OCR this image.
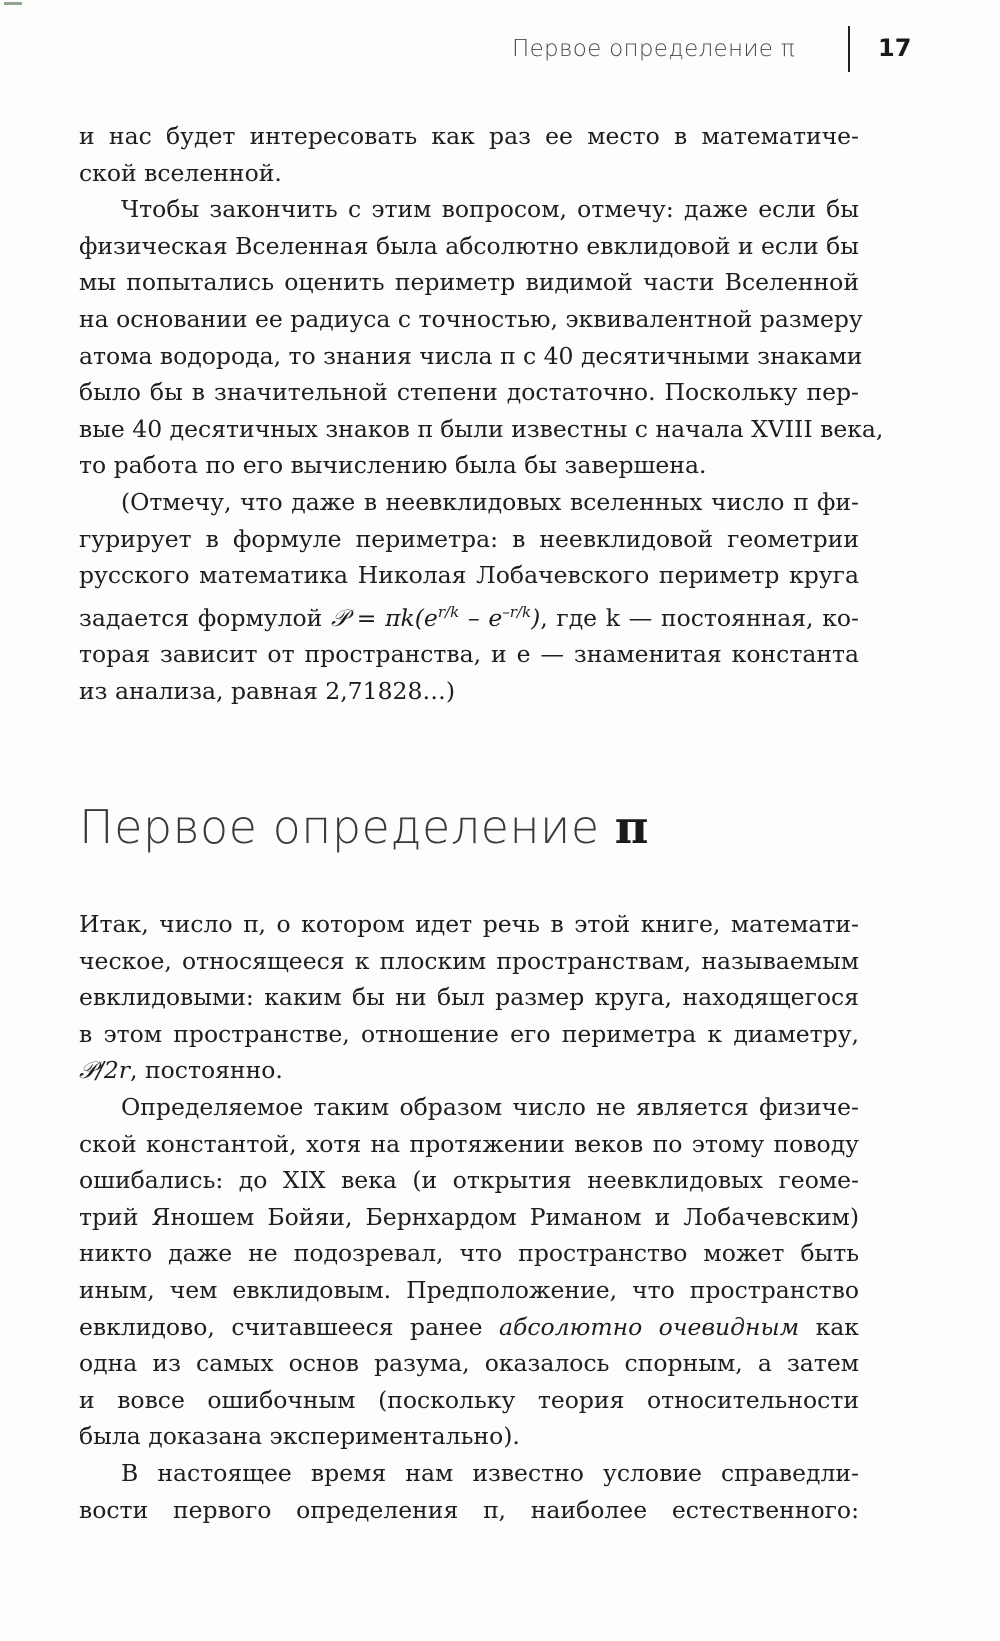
Первое определение π	17

и нас будет интересовать как раз ее место в математиче-
ской вселенной.

Чтобы закончить с этим вопросом, отмечу: даже если бы
физическая Вселенная была абсолютно евклидовой и если бы
мы попытались оценить периметр видимой части Вселенной
на основании ее радиуса с точностью, эквивалентной размеру
атома водорода, то знания числа π с 40 десятичными знаками
было бы в значительной степени достаточно. Поскольку пер-
вые 40 десятичных знаков π были известны с начала XVIII века,
то работа по его вычислению была бы завершена.

(Отмечу, что даже в неевклидовых вселенных число π фи-
гурирует в формуле периметра: в неевклидовой геометрии
русского математика Николая Лобачевского периметр круга
задается формулой 𝒫 = $\pi k(e^{r/k} - e^{-r/k})$, где k — постоянная, ко-
торая зависит от пространства, и e — знаменитая константа
из анализа, равная 2,71828…)

Первое определение π

Итак, число π, о котором идет речь в этой книге, математи-
ческое, относящееся к плоским пространствам, называемым
евклидовыми: каким бы ни был размер круга, находящегося
в этом пространстве, отношение его периметра к диаметру,
𝒫/2r, постоянно.

Определяемое таким образом число не является физиче-
ской константой, хотя на протяжении веков по этому поводу
ошибались: до XIX века (и открытия неевклидовых геоме-
трий Яношем Бойяи, Бернхардом Риманом и Лобачевским)
никто даже не подозревал, что пространство может быть
иным, чем евклидовым. Предположение, что пространство
евклидово, считавшееся ранее абсолютно очевидным как
одна из самых основ разума, оказалось спорным, а затем
и вовсе ошибочным (поскольку теория относительности
была доказана экспериментально).

В настоящее время нам известно условие справедли-
вости первого определения π, наиболее естественного:
